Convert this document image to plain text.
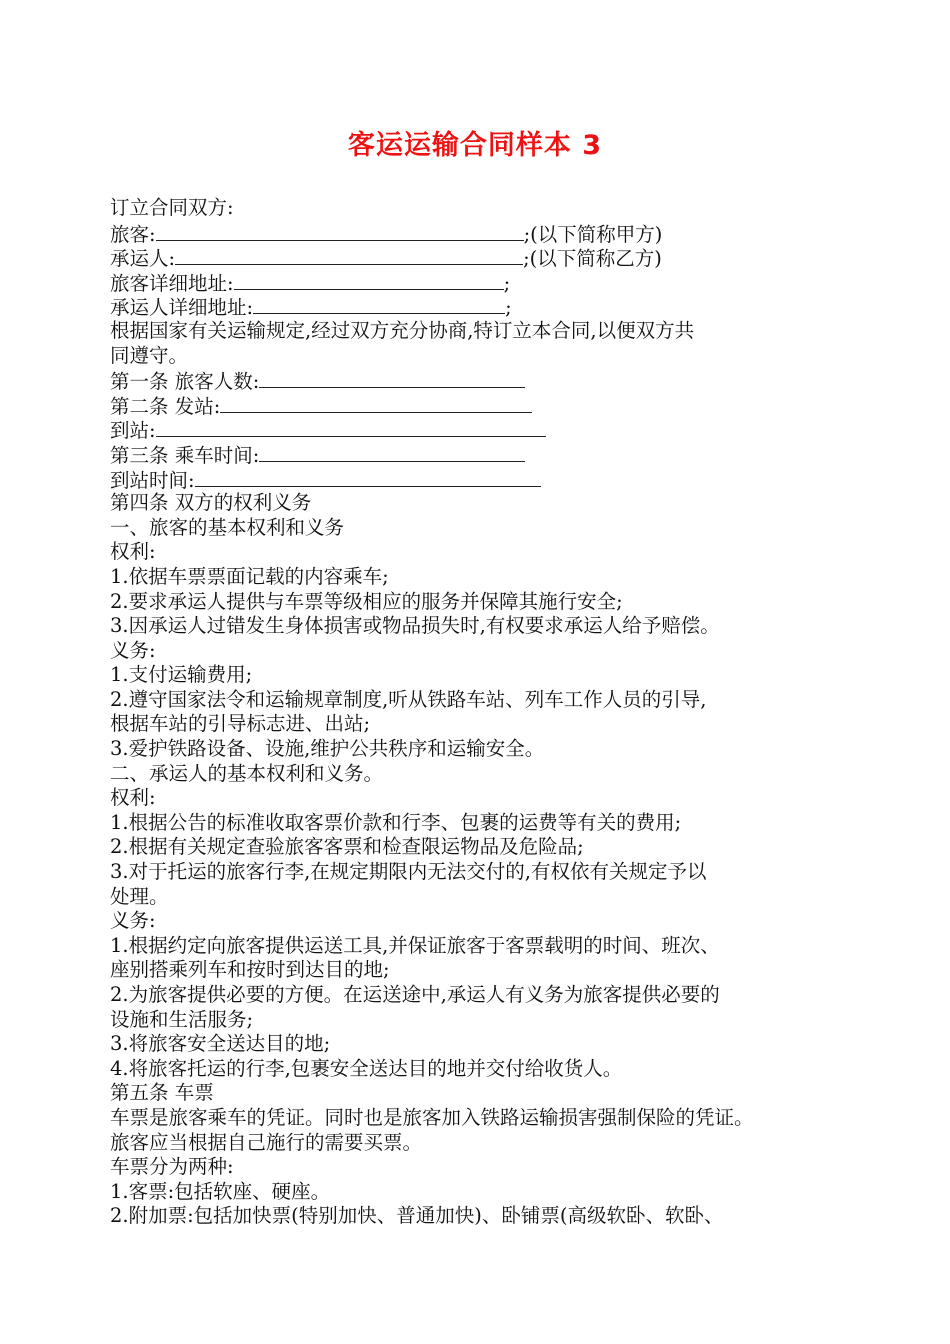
客运运输合同样本 3
订立合同双方:
旅客:	;(以下简称甲方)
承运人:	;(以下简称乙方)
旅客详细地址:	;
承运人详细地址:	;
根据国家有关运输规定,经过双方充分协商,特订立本合同,以便双方共
同遵守。
第一条 旅客人数:
第二条 发站:
到站:
第三条 乘车时间:
到站时间:
第四条 双方的权利义务
一、旅客的基本权利和义务
权利:
1.依据车票票面记载的内容乘车;
2.要求承运人提供与车票等级相应的服务并保障其施行安全;
3.因承运人过错发生身体损害或物品损失时,有权要求承运人给予赔偿。
义务:
1.支付运输费用;
2.遵守国家法令和运输规章制度,听从铁路车站、列车工作人员的引导,
根据车站的引导标志进、出站;
3.爱护铁路设备、设施,维护公共秩序和运输安全。
二、承运人的基本权利和义务。
权利:
1.根据公告的标准收取客票价款和行李、包裹的运费等有关的费用;
2.根据有关规定查验旅客客票和检查限运物品及危险品;
3.对于托运的旅客行李,在规定期限内无法交付的,有权依有关规定予以
处理。
义务:
1.根据约定向旅客提供运送工具,并保证旅客于客票载明的时间、班次、
座别搭乘列车和按时到达目的地;
2.为旅客提供必要的方便。在运送途中,承运人有义务为旅客提供必要的
设施和生活服务;
3.将旅客安全送达目的地;
4.将旅客托运的行李,包裹安全送达目的地并交付给收货人。
第五条 车票
车票是旅客乘车的凭证。同时也是旅客加入铁路运输损害强制保险的凭证。
旅客应当根据自己施行的需要买票。
车票分为两种:
1.客票:包括软座、硬座。
2.附加票:包括加快票(特别加快、普通加快)、卧铺票(高级软卧、软卧、
